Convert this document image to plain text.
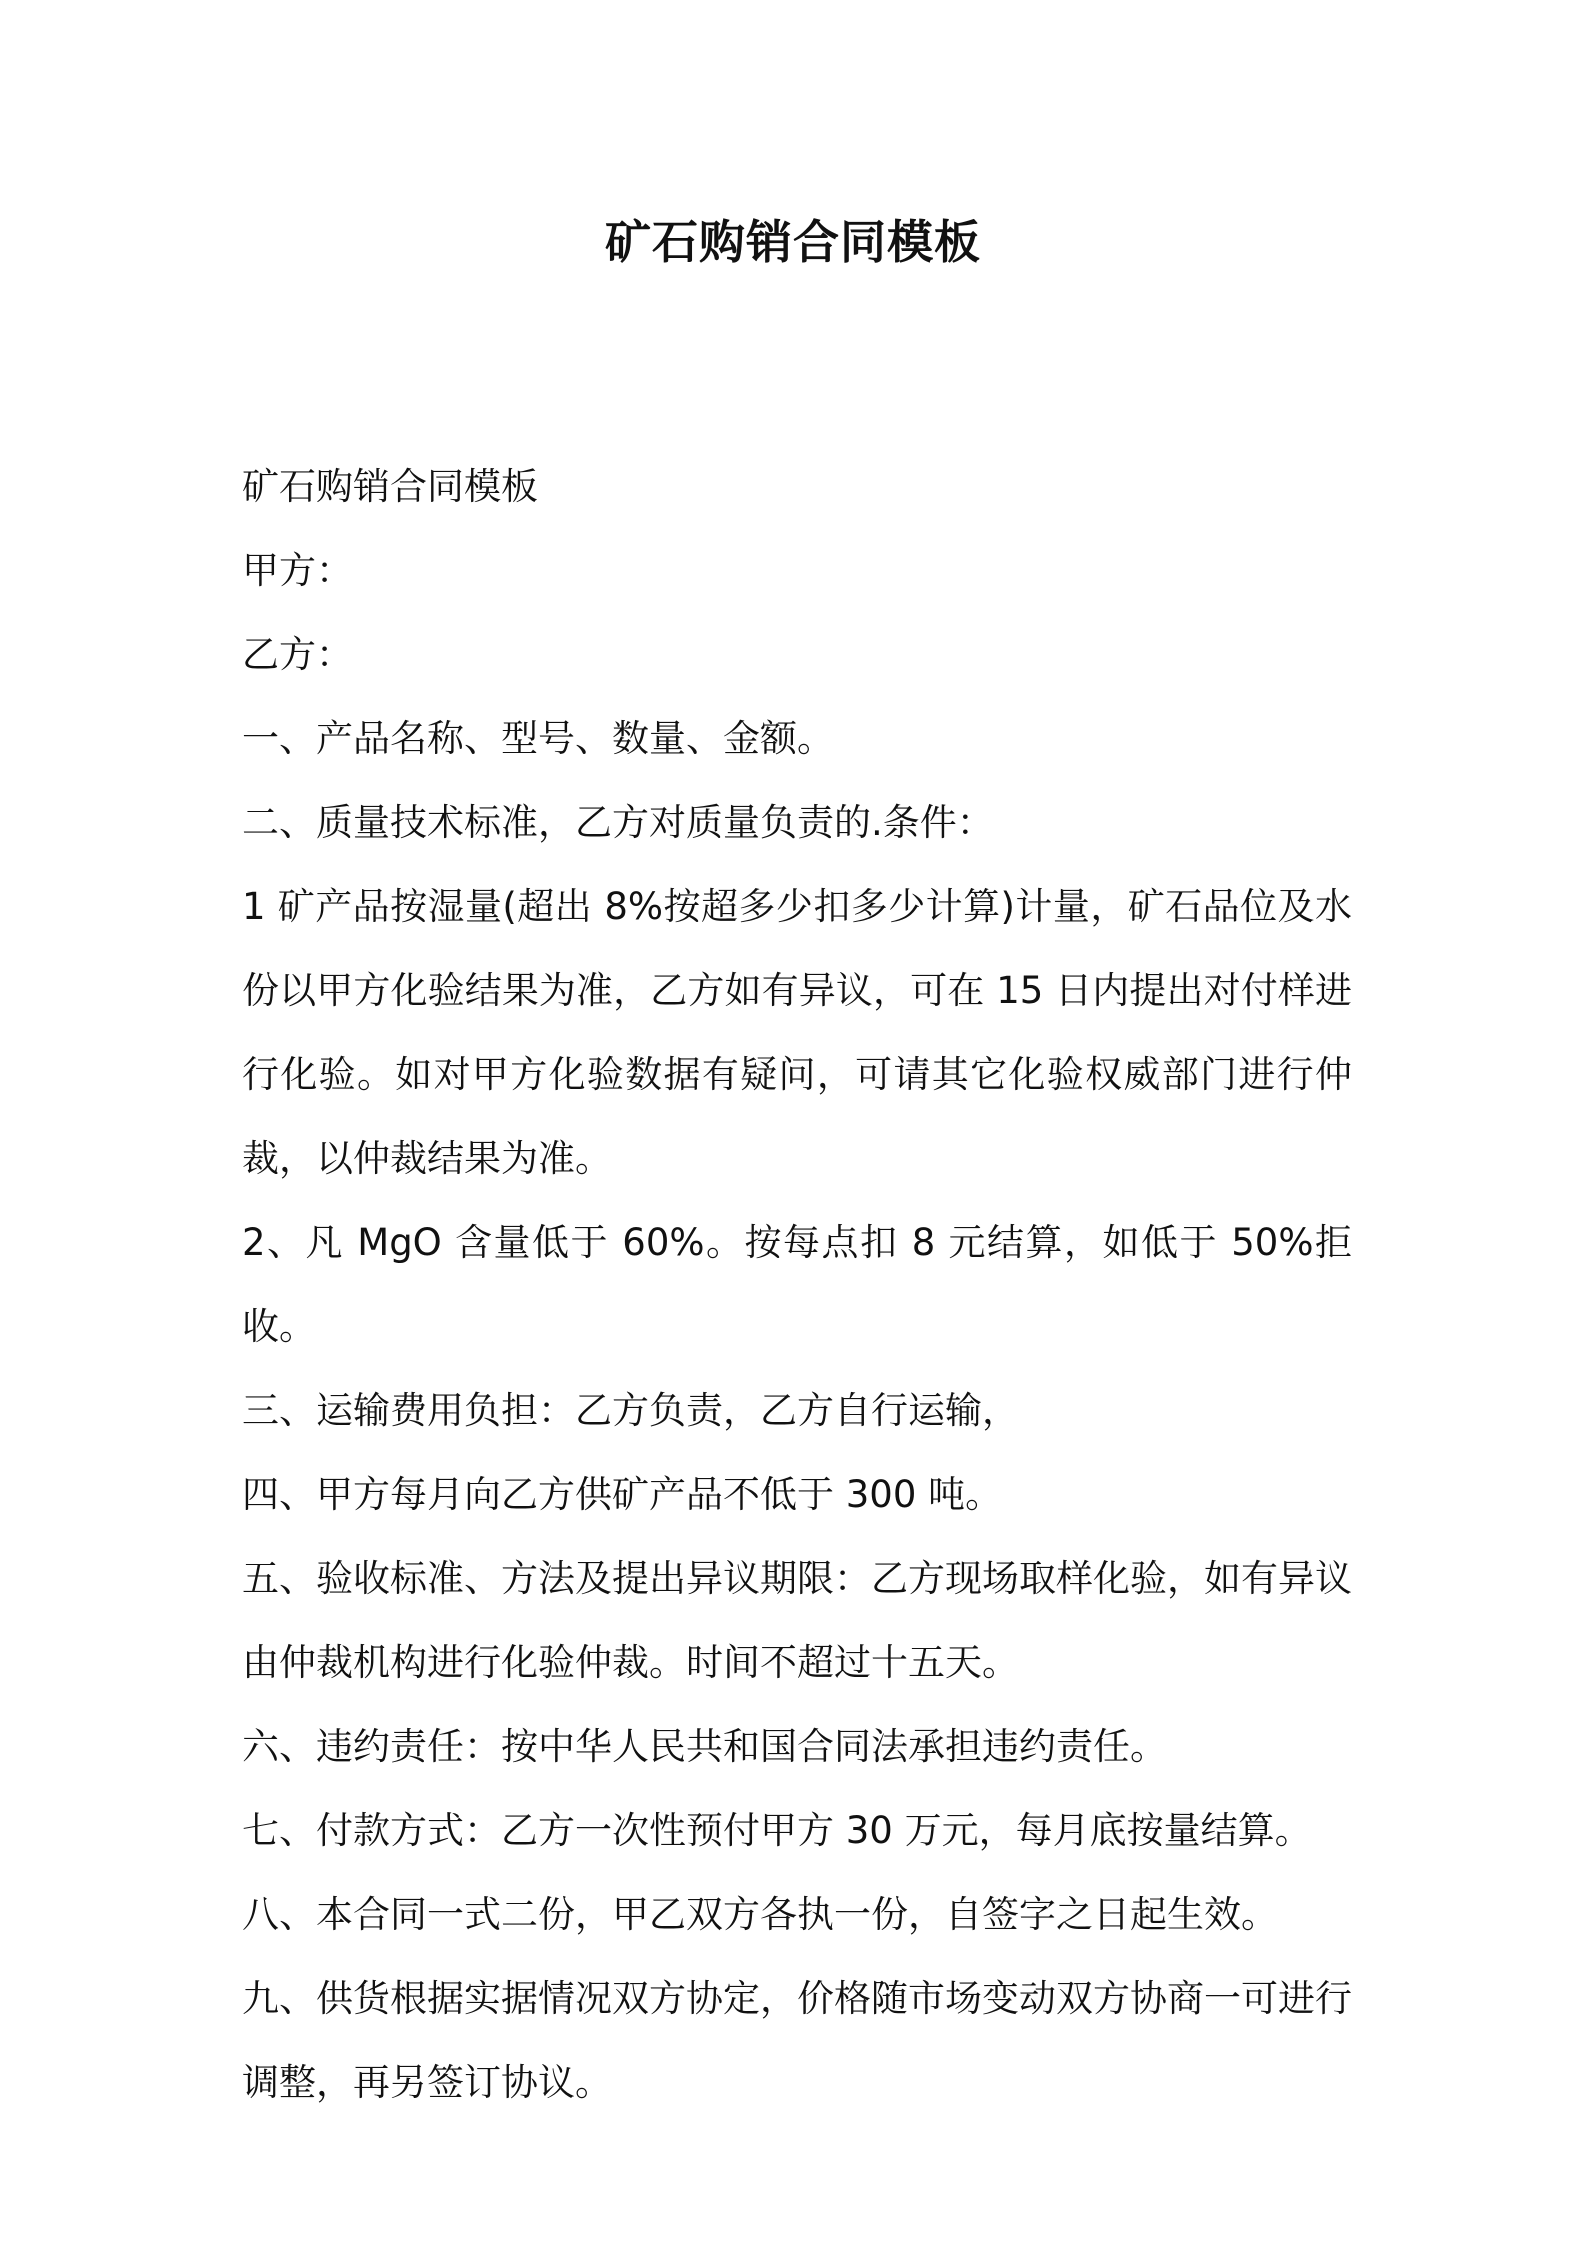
矿石购销合同模板

矿石购销合同模板

甲方：

乙方：

一、产品名称、型号、数量、金额。

二、质量技术标准，乙方对质量负责的.条件：

1 矿产品按湿量(超出 8%按超多少扣多少计算)计量，矿石品位及水份以甲方化验结果为准，乙方如有异议，可在 15 日内提出对付样进行化验。如对甲方化验数据有疑问，可请其它化验权威部门进行仲裁，以仲裁结果为准。

2、凡 MgO 含量低于 60%。按每点扣 8 元结算，如低于 50%拒收。

三、运输费用负担：乙方负责，乙方自行运输，

四、甲方每月向乙方供矿产品不低于 300 吨。

五、验收标准、方法及提出异议期限：乙方现场取样化验，如有异议由仲裁机构进行化验仲裁。时间不超过十五天。

六、违约责任：按中华人民共和国合同法承担违约责任。

七、付款方式：乙方一次性预付甲方 30 万元，每月底按量结算。

八、本合同一式二份，甲乙双方各执一份，自签字之日起生效。

九、供货根据实据情况双方协定，价格随市场变动双方协商一可进行调整，再另签订协议。
